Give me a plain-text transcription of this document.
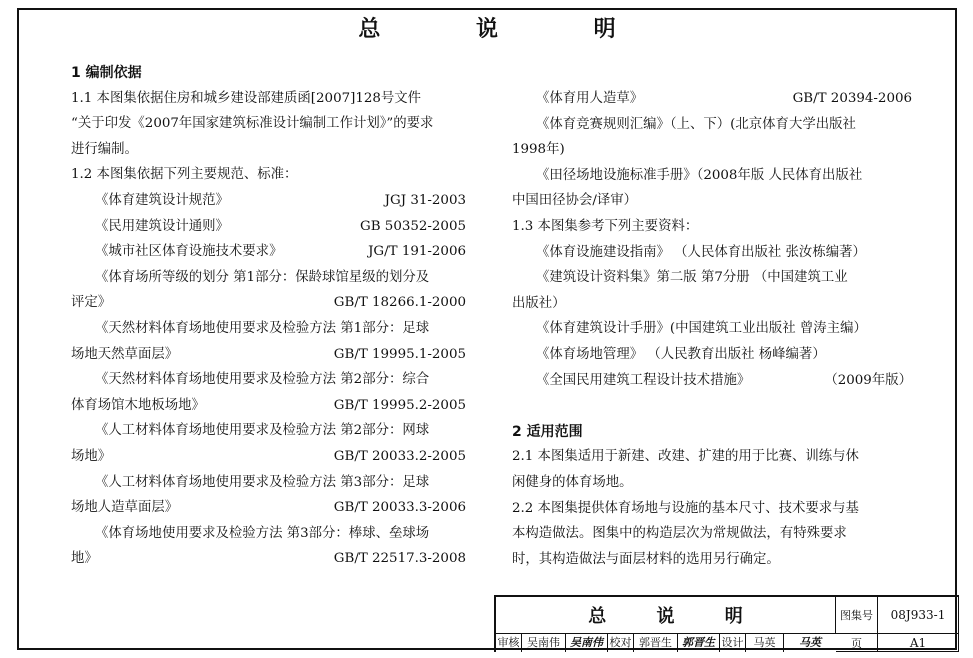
总 说 明
1 编制依据
1.1 本图集依据住房和城乡建设部建质函[2007]128号文件
“关于印发《2007年国家建筑标准设计编制工作计划》”的要求
进行编制。
1.2 本图集依据下列主要规范、标准：
《体育建筑设计规范》	JGJ 31-2003
《民用建筑设计通则》	GB 50352-2005
《城市社区体育设施技术要求》	JG/T 191-2006
《体育场所等级的划分 第1部分：保龄球馆星级的划分及
评定》	GB/T 18266.1-2000
《天然材料体育场地使用要求及检验方法 第1部分：足球
场地天然草面层》	GB/T 19995.1-2005
《天然材料体育场地使用要求及检验方法 第2部分：综合
体育场馆木地板场地》	GB/T 19995.2-2005
《人工材料体育场地使用要求及检验方法 第2部分：网球
场地》	GB/T 20033.2-2005
《人工材料体育场地使用要求及检验方法 第3部分：足球
场地人造草面层》	GB/T 20033.3-2006
《体育场地使用要求及检验方法 第3部分：棒球、垒球场
地》	GB/T 22517.3-2008
《体育用人造草》	GB/T 20394-2006
《体育竞赛规则汇编》（上、下）(北京体育大学出版社
1998年)
《田径场地设施标准手册》（2008年版 人民体育出版社
中国田径协会/译审）
1.3 本图集参考下列主要资料：
《体育设施建设指南》 （人民体育出版社 张汝栋编著）
《建筑设计资料集》第二版 第7分册 （中国建筑工业
出版社）
《体育建筑设计手册》(中国建筑工业出版社 曾涛主编）
《体育场地管理》 （人民教育出版社 杨峰编著）
《全国民用建筑工程设计技术措施》	（2009年版）
2 适用范围
2.1 本图集适用于新建、改建、扩建的用于比赛、训练与休
闲健身的体育场地。
2.2 本图集提供体育场地与设施的基本尺寸、技术要求与基
本构造做法。图集中的构造层次为常规做法，有特殊要求
时，其构造做法与面层材料的选用另行确定。
总 说 明	图集号	08J933-1
页	A1
审核 吴南伟 吴南伟 校对 郭晋生 郭晋生 设计 马英	马英
